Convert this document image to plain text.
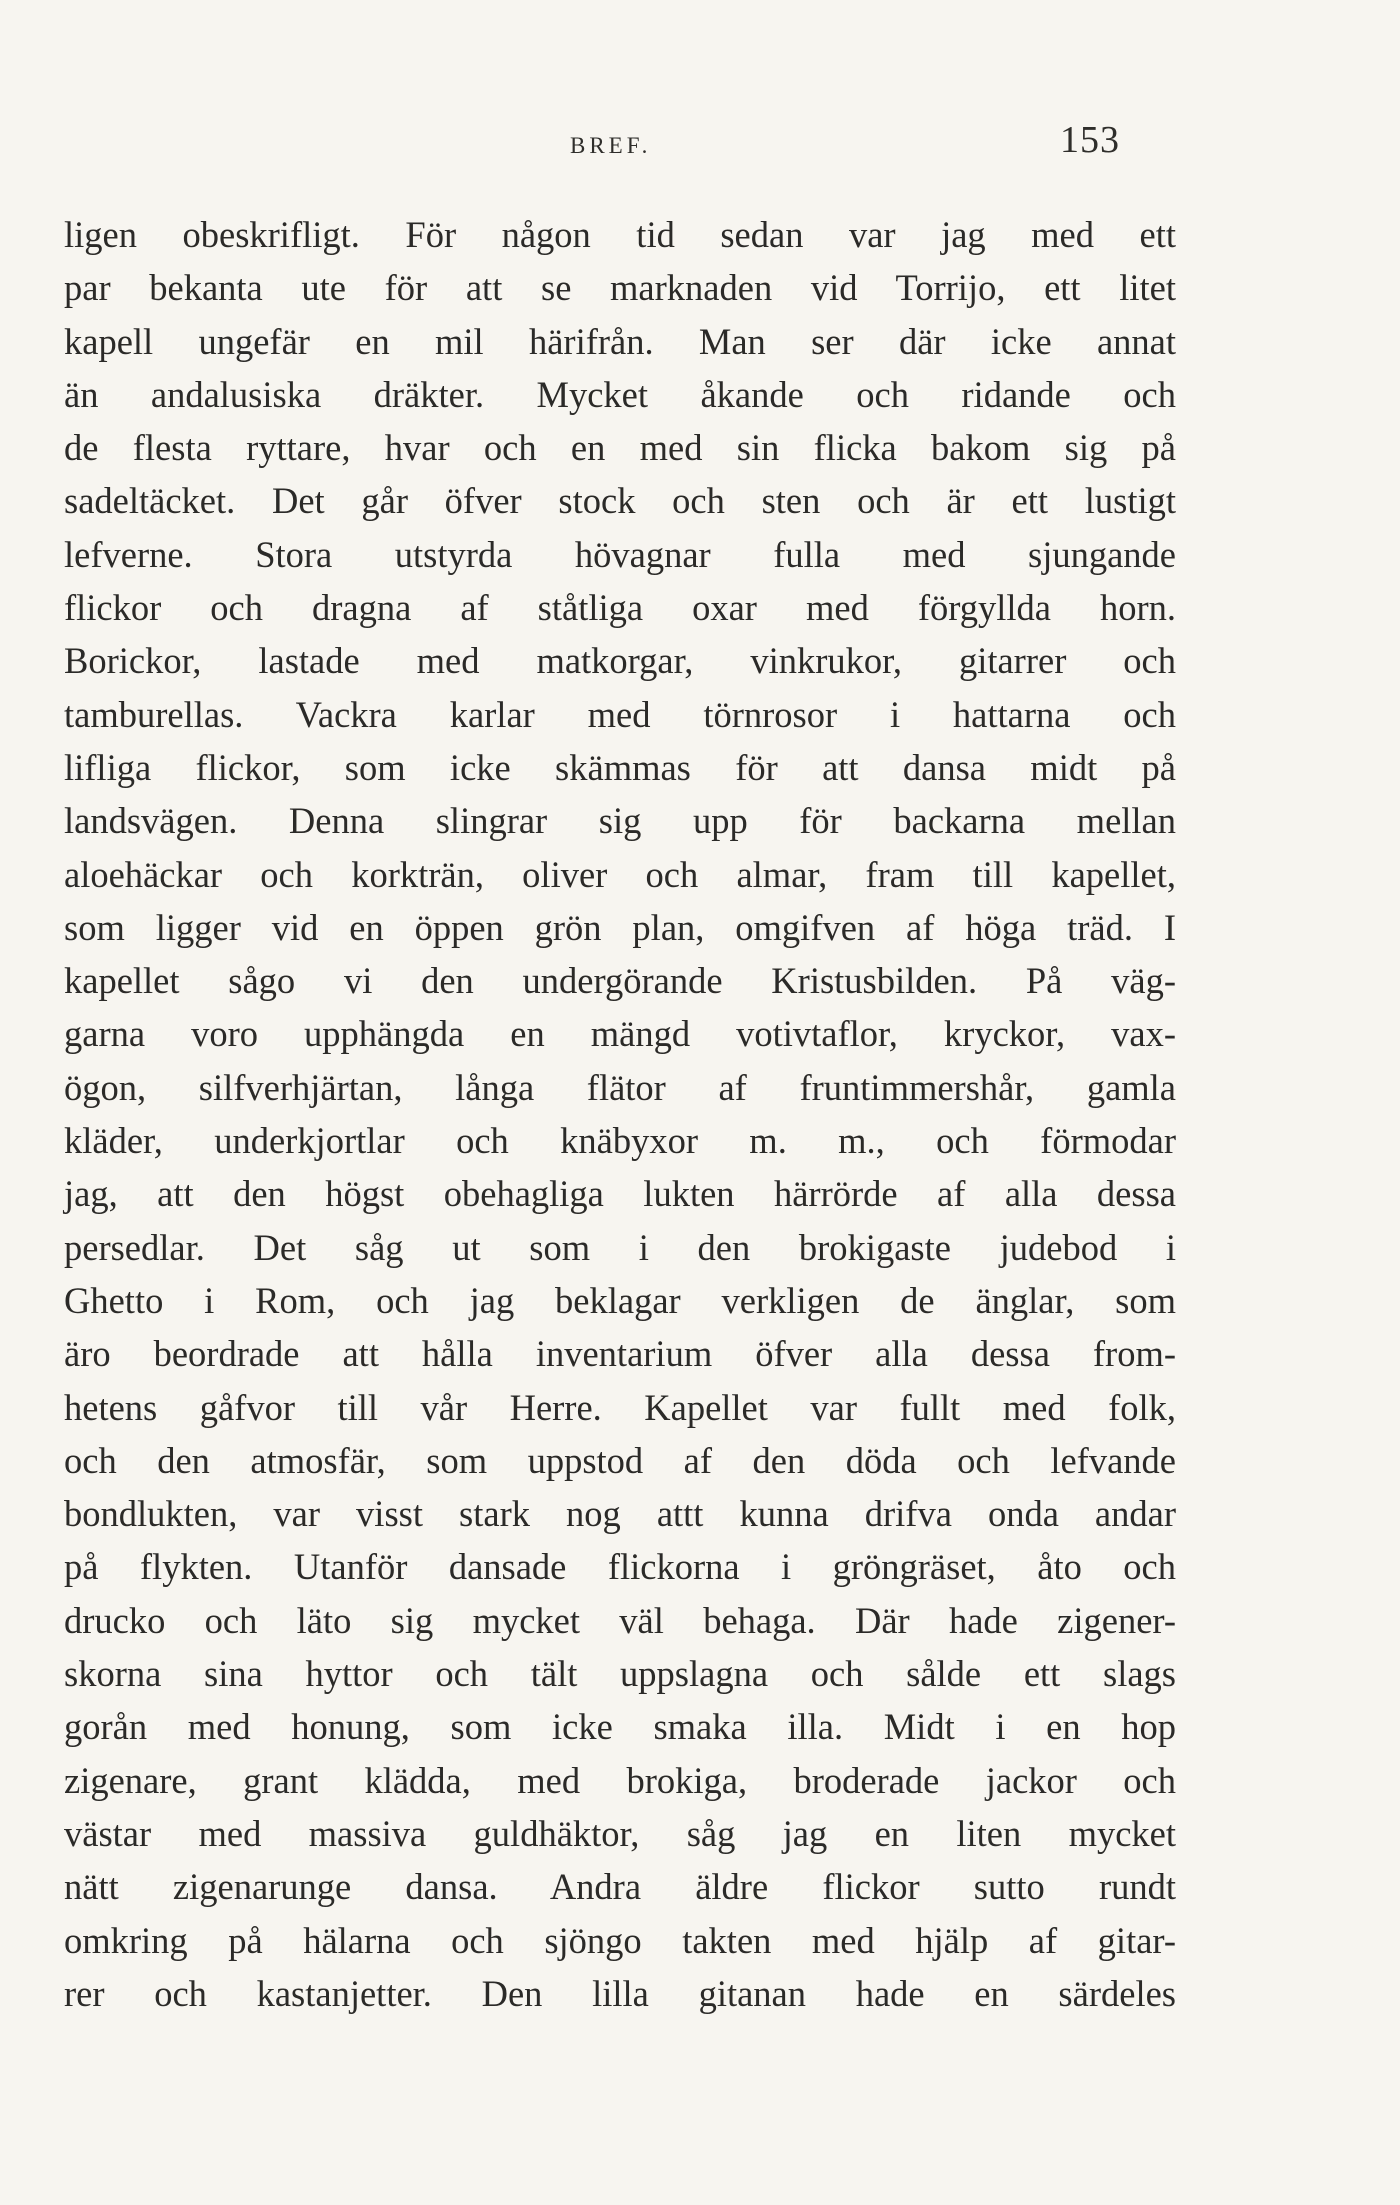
BREF.	153
ligen obeskrifligt. För någon tid sedan var jag med ett
par bekanta ute för att se marknaden vid Torrijo, ett litet
kapell ungefär en mil härifrån. Man ser där icke annat
än andalusiska dräkter. Mycket åkande och ridande och
de flesta ryttare, hvar och en med sin flicka bakom sig på
sadeltäcket. Det går öfver stock och sten och är ett lustigt
lefverne. Stora utstyrda hövagnar fulla med sjungande
flickor och dragna af ståtliga oxar med förgyllda horn.
Borickor, lastade med matkorgar, vinkrukor, gitarrer och
tamburellas. Vackra karlar med törnrosor i hattarna och
lifliga flickor, som icke skämmas för att dansa midt på
landsvägen. Denna slingrar sig upp för backarna mellan
aloehäckar och korkträn, oliver och almar, fram till kapellet,
som ligger vid en öppen grön plan, omgifven af höga träd. I
kapellet sågo vi den undergörande Kristusbilden. På väg-
garna voro upphängda en mängd votivtaflor, kryckor, vax-
ögon, silfverhjärtan, långa flätor af fruntimmershår, gamla
kläder, underkjortlar och knäbyxor m. m., och förmodar
jag, att den högst obehagliga lukten härrörde af alla dessa
persedlar. Det såg ut som i den brokigaste judebod i
Ghetto i Rom, och jag beklagar verkligen de änglar, som
äro beordrade att hålla inventarium öfver alla dessa from-
hetens gåfvor till vår Herre. Kapellet var fullt med folk,
och den atmosfär, som uppstod af den döda och lefvande
bondlukten, var visst stark nog attt kunna drifva onda andar
på flykten. Utanför dansade flickorna i gröngräset, åto och
drucko och läto sig mycket väl behaga. Där hade zigener-
skorna sina hyttor och tält uppslagna och sålde ett slags
gorån med honung, som icke smaka illa. Midt i en hop
zigenare, grant klädda, med brokiga, broderade jackor och
västar med massiva guldhäktor, såg jag en liten mycket
nätt zigenarunge dansa. Andra äldre flickor sutto rundt
omkring på hälarna och sjöngo takten med hjälp af gitar-
rer och kastanjetter. Den lilla gitanan hade en särdeles
